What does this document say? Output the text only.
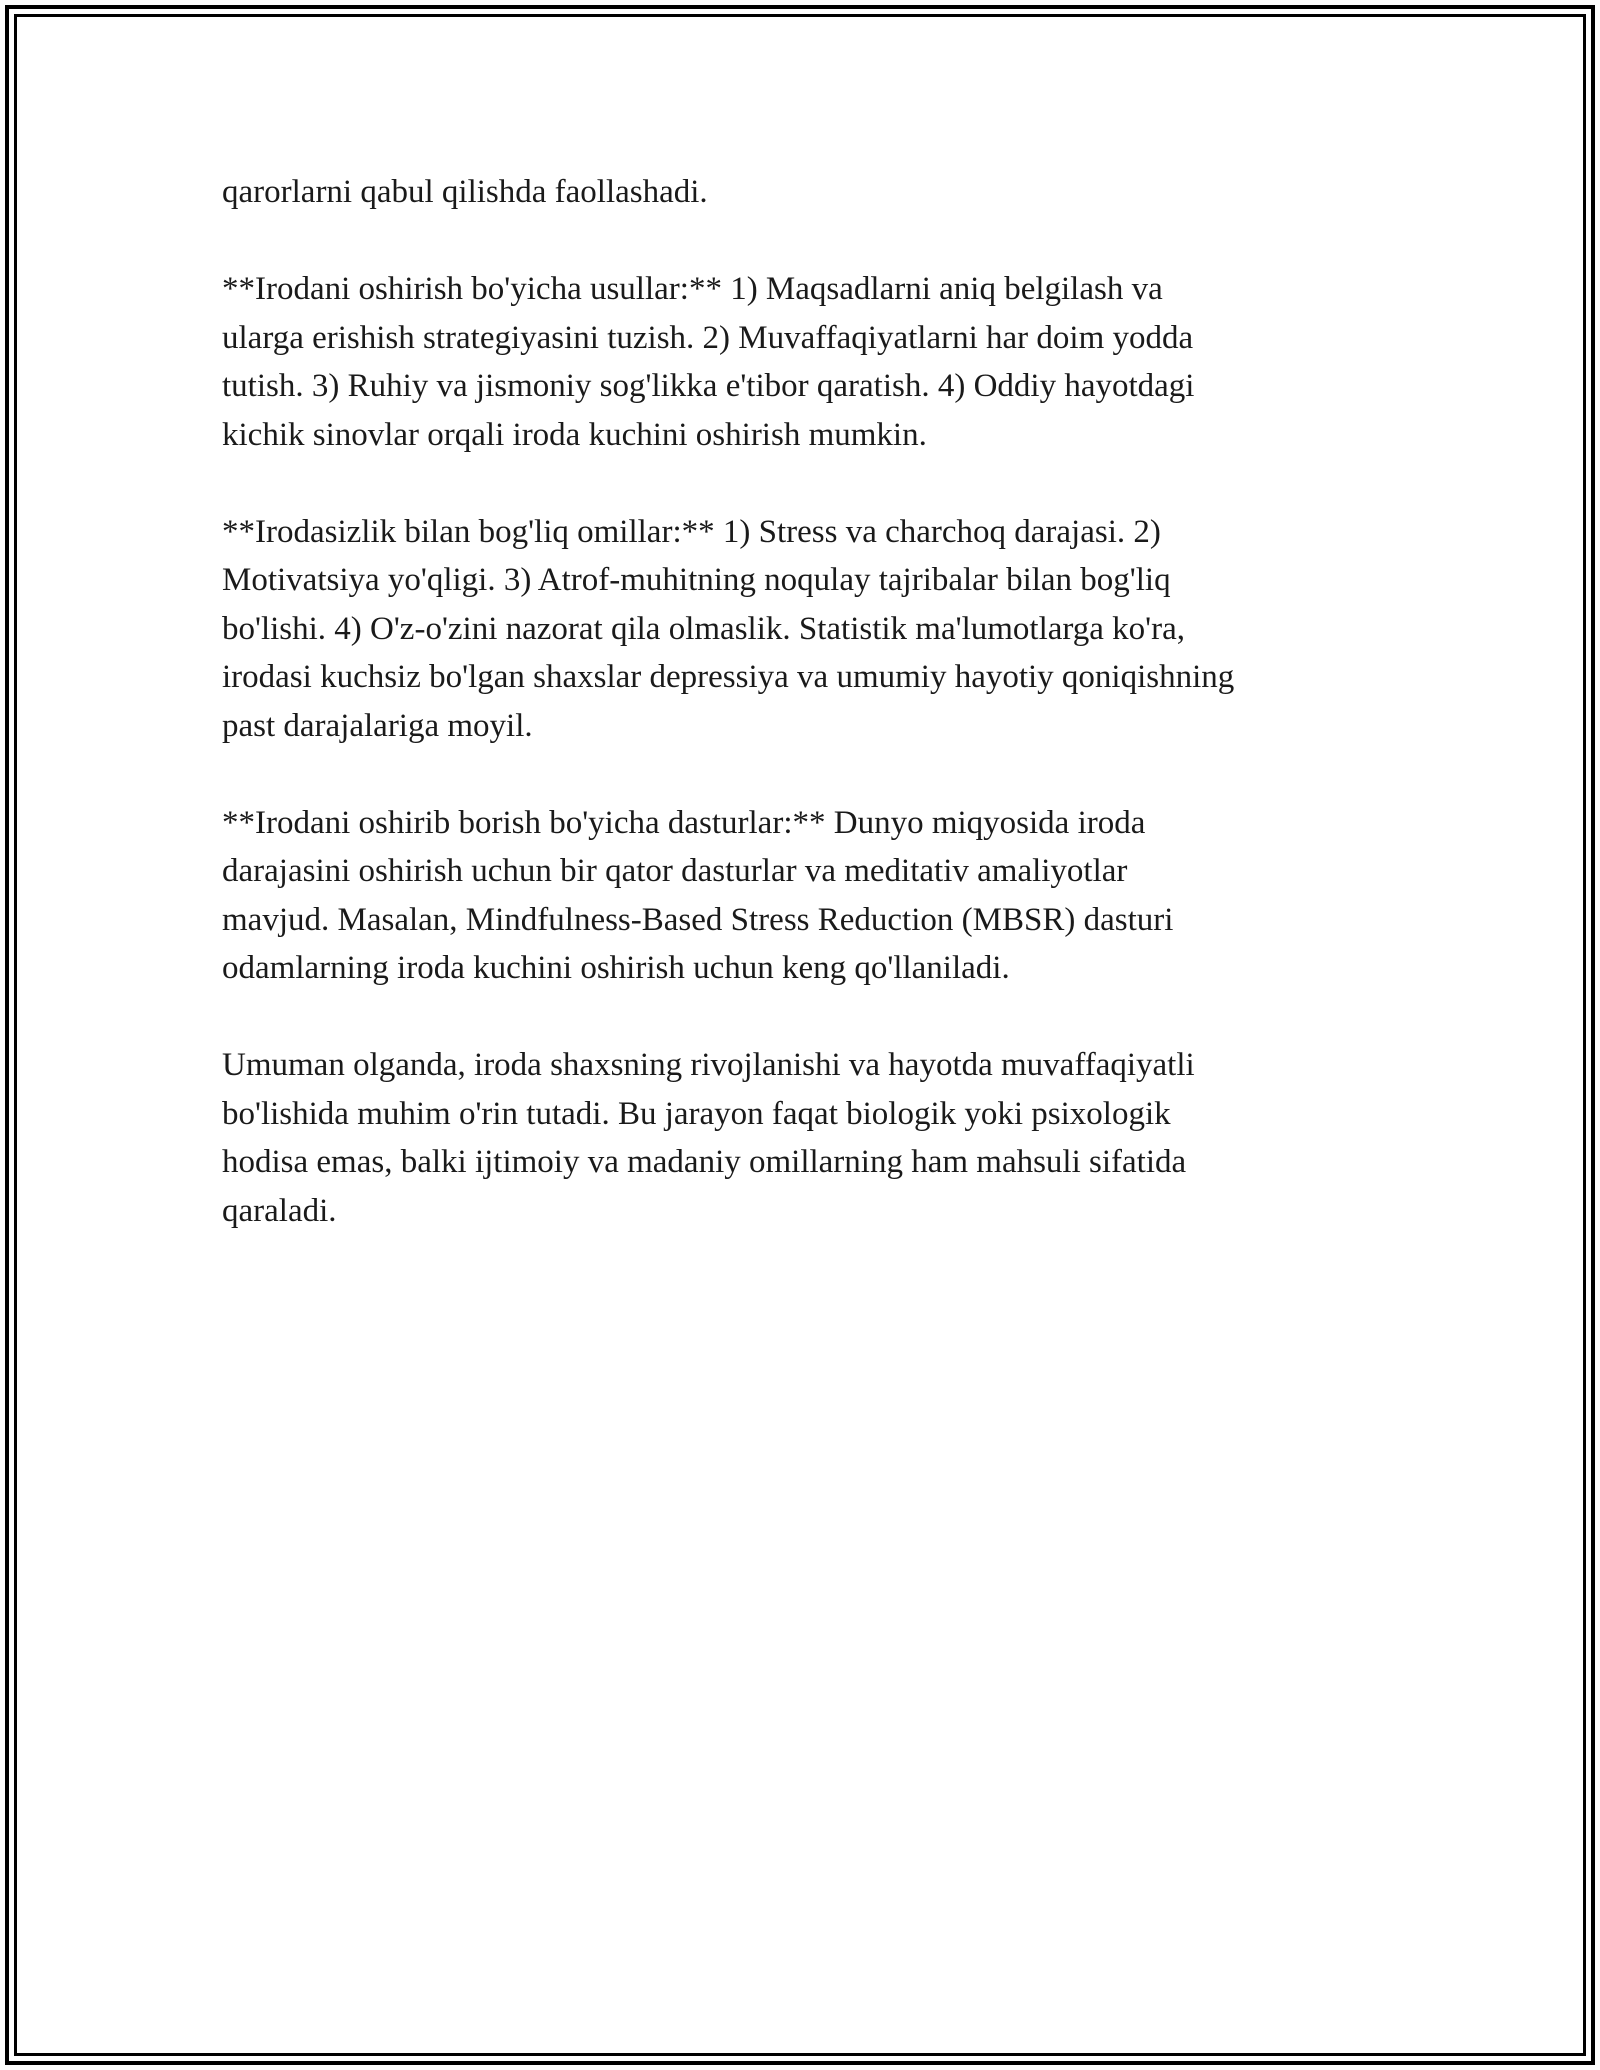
qarorlarni qabul qilishda faollashadi.

**Irodani oshirish bo'yicha usullar:** 1) Maqsadlarni aniq belgilash va
ularga erishish strategiyasini tuzish. 2) Muvaffaqiyatlarni har doim yodda
tutish. 3) Ruhiy va jismoniy sog'likka e'tibor qaratish. 4) Oddiy hayotdagi
kichik sinovlar orqali iroda kuchini oshirish mumkin.

**Irodasizlik bilan bog'liq omillar:** 1) Stress va charchoq darajasi. 2)
Motivatsiya yo'qligi. 3) Atrof-muhitning noqulay tajribalar bilan bog'liq
bo'lishi. 4) O'z-o'zini nazorat qila olmaslik. Statistik ma'lumotlarga ko'ra,
irodasi kuchsiz bo'lgan shaxslar depressiya va umumiy hayotiy qoniqishning
past darajalariga moyil.

**Irodani oshirib borish bo'yicha dasturlar:** Dunyo miqyosida iroda
darajasini oshirish uchun bir qator dasturlar va meditativ amaliyotlar
mavjud. Masalan, Mindfulness-Based Stress Reduction (MBSR) dasturi
odamlarning iroda kuchini oshirish uchun keng qo'llaniladi.

Umuman olganda, iroda shaxsning rivojlanishi va hayotda muvaffaqiyatli
bo'lishida muhim o'rin tutadi. Bu jarayon faqat biologik yoki psixologik
hodisa emas, balki ijtimoiy va madaniy omillarning ham mahsuli sifatida
qaraladi.
